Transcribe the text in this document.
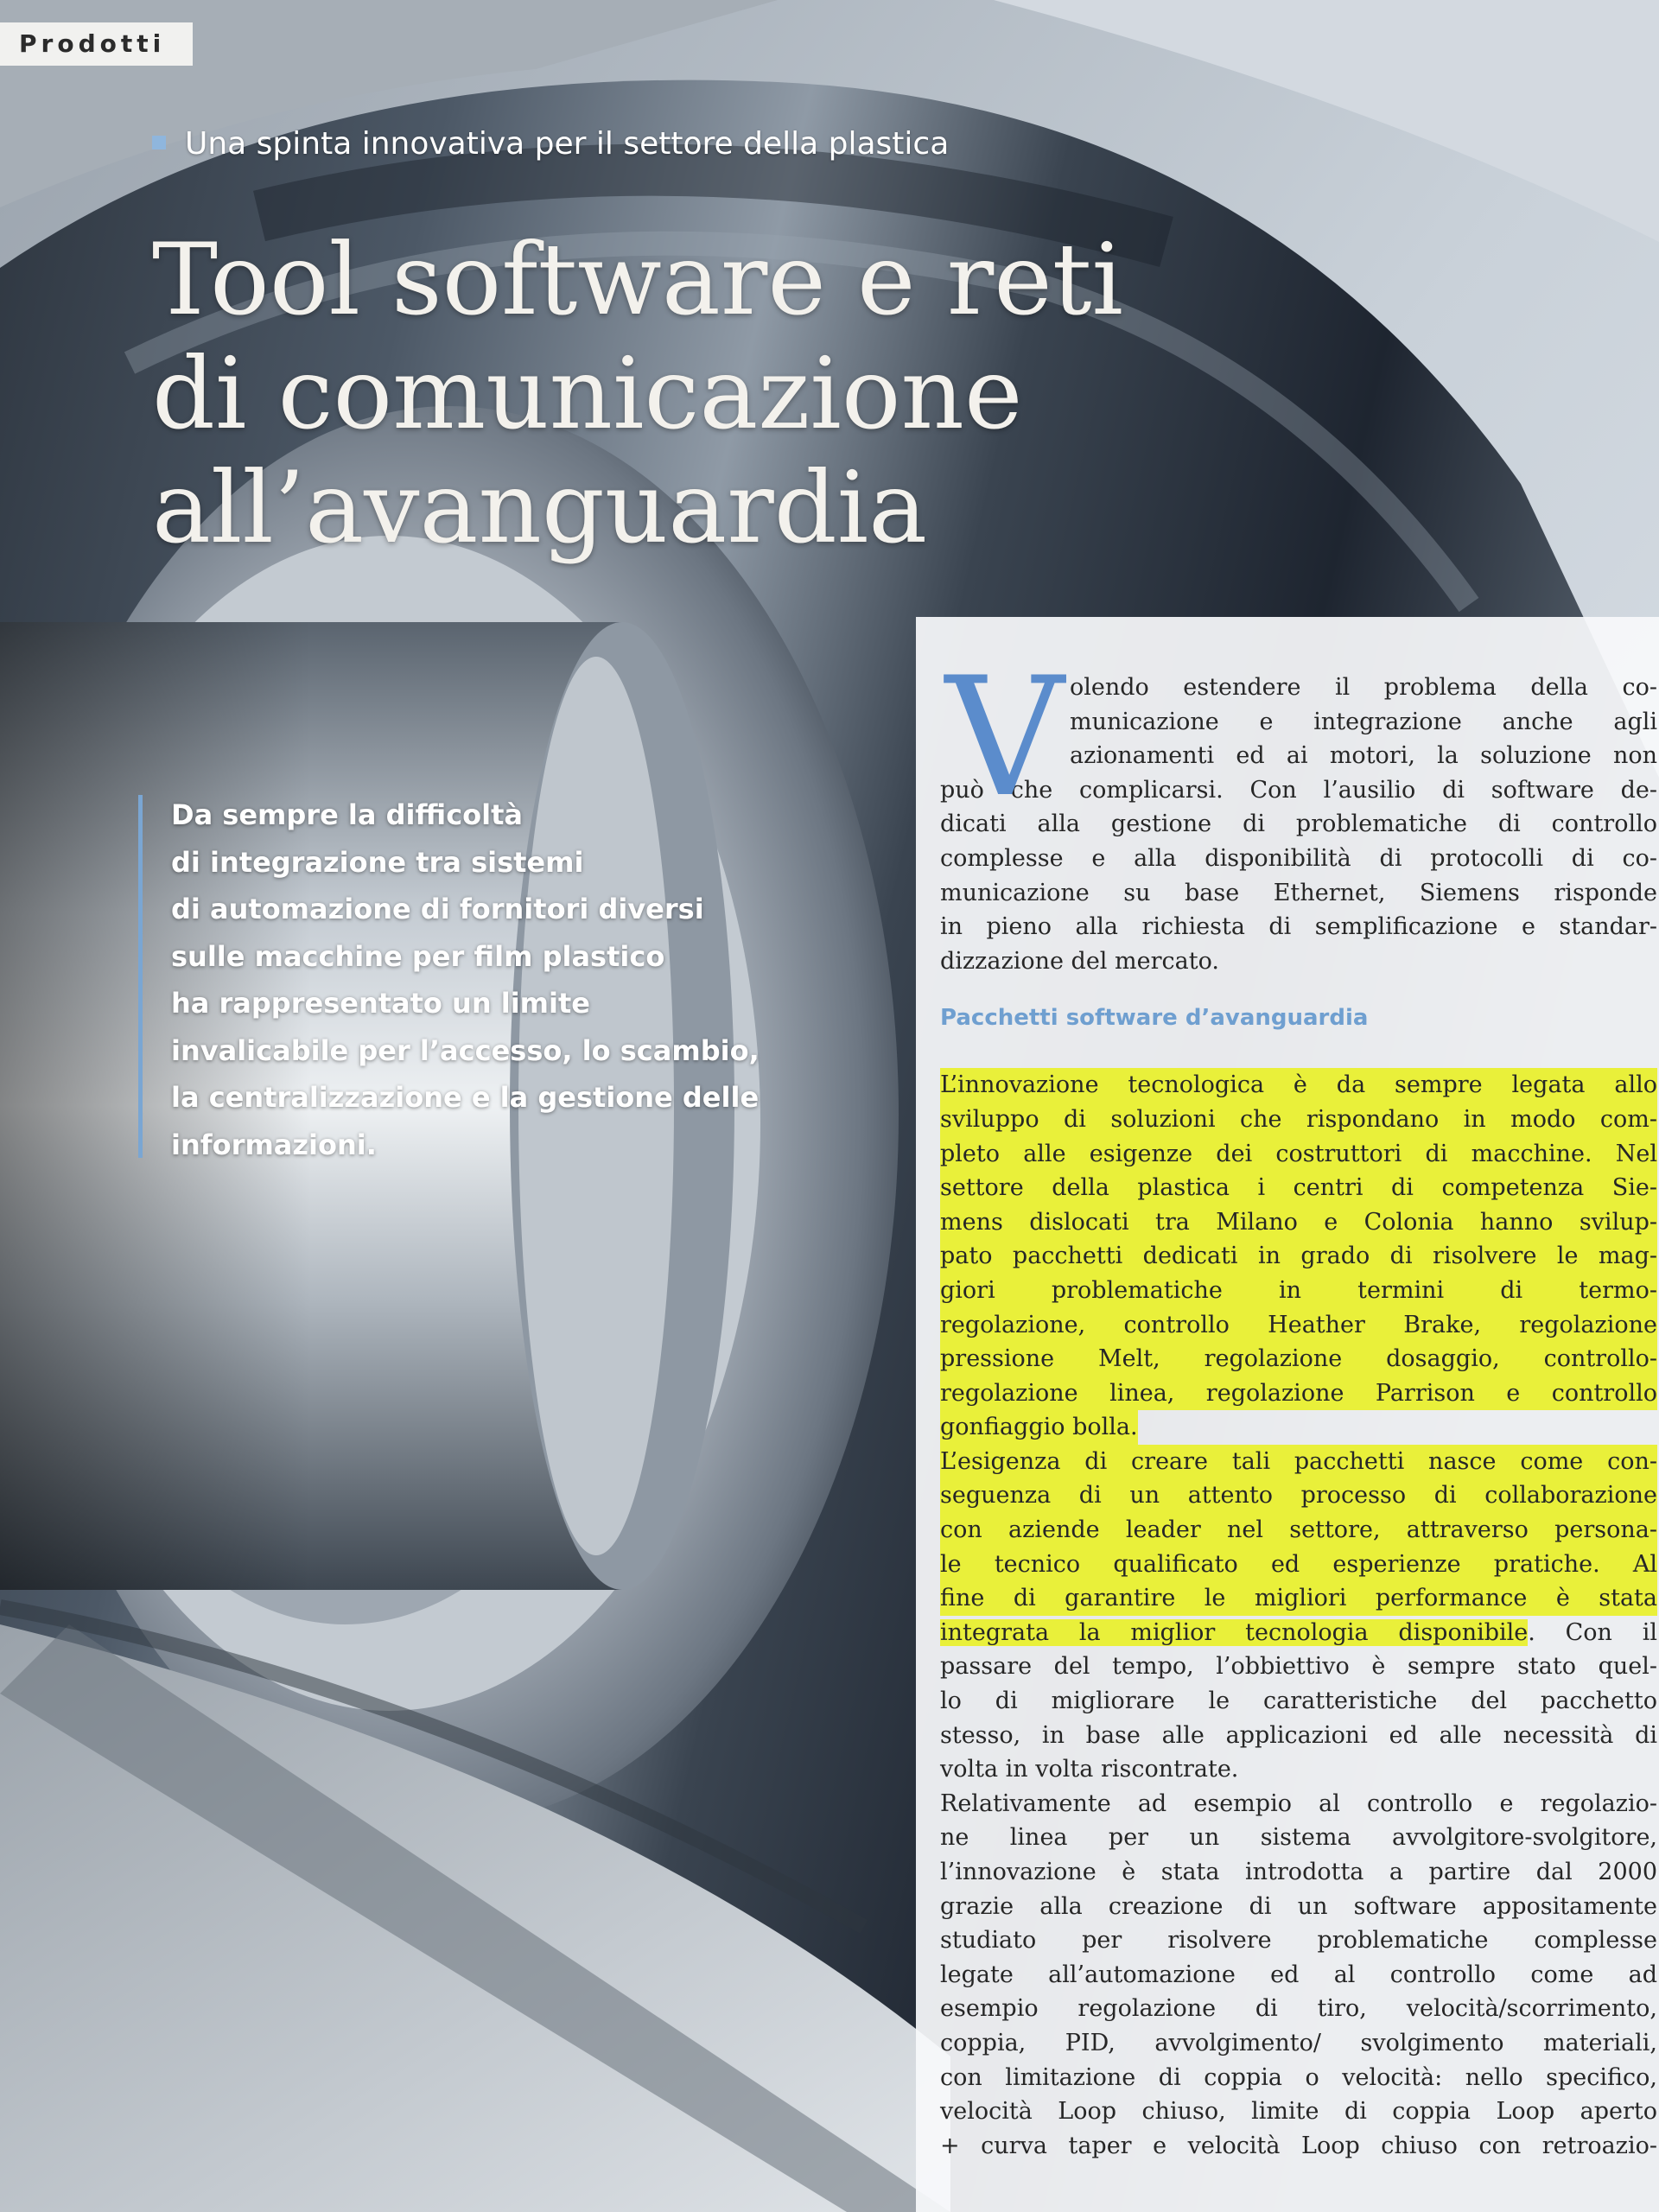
Prodotti
Una spinta innovativa per il settore della plastica
Tool software e reti
di comunicazione
all’avanguardia
Da sempre la difficoltà
di integrazione tra sistemi
di automazione di fornitori diversi
sulle macchine per film plastico
ha rappresentato un limite
invalicabile per l’accesso, lo scambio,
la centralizzazione e la gestione delle
informazioni.
V olendo estendere il problema della co-
municazione e integrazione anche agli
azionamenti ed ai motori, la soluzione non
può che complicarsi. Con l’ausilio di software de-
dicati alla gestione di problematiche di controllo
complesse e alla disponibilità di protocolli di co-
municazione su base Ethernet, Siemens risponde
in pieno alla richiesta di semplificazione e standar-
dizzazione del mercato.
Pacchetti software d’avanguardia
L’innovazione tecnologica è da sempre legata allo
sviluppo di soluzioni che rispondano in modo com-
pleto alle esigenze dei costruttori di macchine. Nel
settore della plastica i centri di competenza Sie-
mens dislocati tra Milano e Colonia hanno svilup-
pato pacchetti dedicati in grado di risolvere le mag-
giori problematiche in termini di termo-
regolazione, controllo Heather Brake, regolazione
pressione Melt, regolazione dosaggio, controllo-
regolazione linea, regolazione Parrison e controllo
gonfiaggio bolla.
L’esigenza di creare tali pacchetti nasce come con-
seguenza di un attento processo di collaborazione
con aziende leader nel settore, attraverso persona-
le tecnico qualificato ed esperienze pratiche. Al
fine di garantire le migliori performance è stata
integrata la miglior tecnologia disponibile. Con il
passare del tempo, l’obbiettivo è sempre stato quel-
lo di migliorare le caratteristiche del pacchetto
stesso, in base alle applicazioni ed alle necessità di
volta in volta riscontrate.
Relativamente ad esempio al controllo e regolazio-
ne linea per un sistema avvolgitore-svolgitore,
l’innovazione è stata introdotta a partire dal 2000
grazie alla creazione di un software appositamente
studiato per risolvere problematiche complesse
legate all’automazione ed al controllo come ad
esempio regolazione di tiro, velocità/scorrimento,
coppia, PID, avvolgimento/ svolgimento materiali,
con limitazione di coppia o velocità: nello specifico,
velocità Loop chiuso, limite di coppia Loop aperto
+ curva taper e velocità Loop chiuso con retroazio-
